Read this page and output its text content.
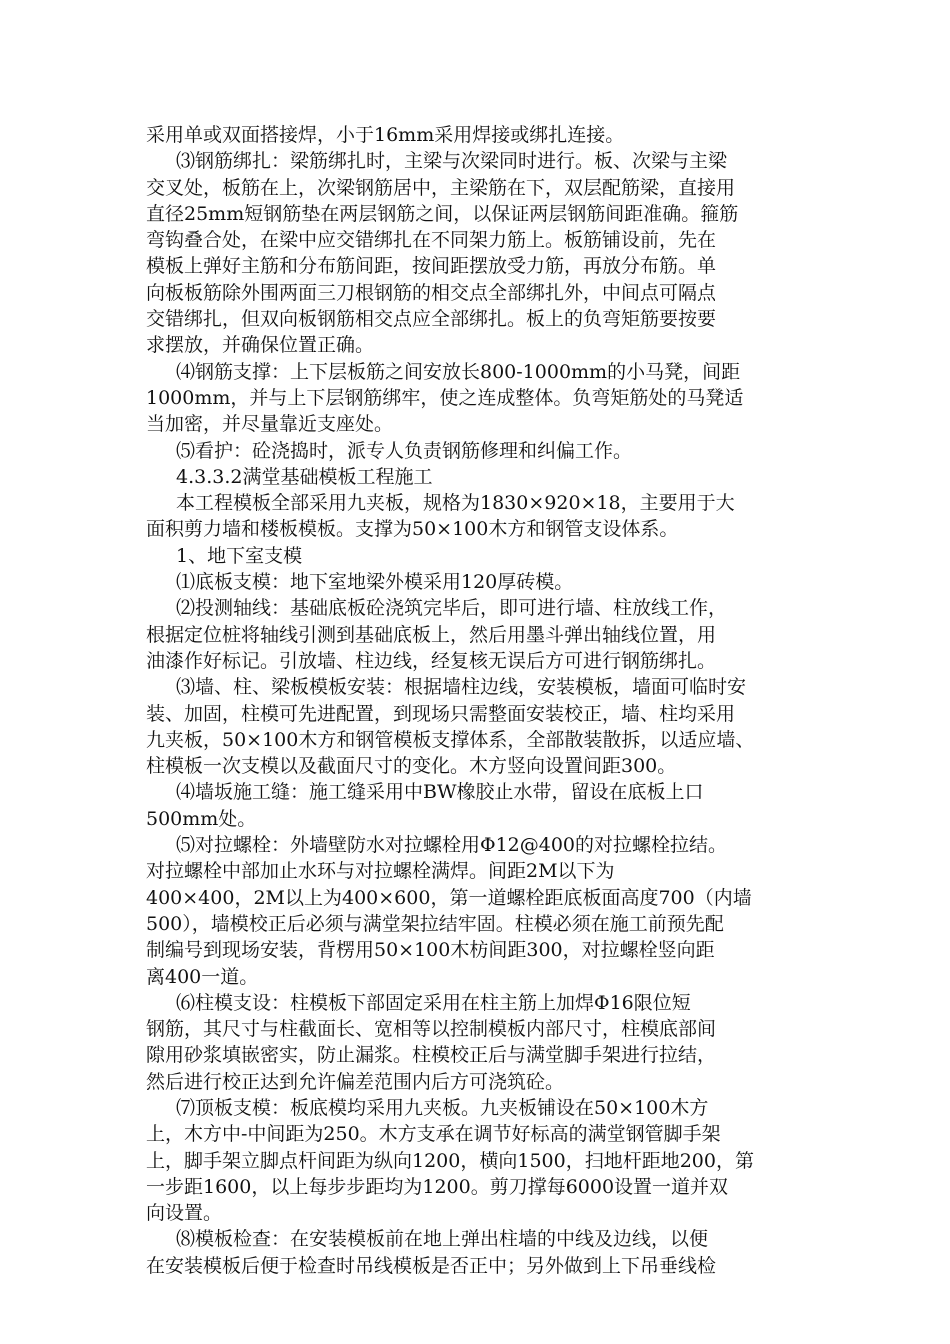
采用单或双面搭接焊，小于16mm采用焊接或绑扎连接。
⑶钢筋绑扎：梁筋绑扎时，主梁与次梁同时进行。板、次梁与主梁
交叉处，板筋在上，次梁钢筋居中，主梁筋在下，双层配筋梁，直接用
直径25mm短钢筋垫在两层钢筋之间，以保证两层钢筋间距准确。箍筋
弯钩叠合处，在梁中应交错绑扎在不同架力筋上。板筋铺设前，先在
模板上弹好主筋和分布筋间距，按间距摆放受力筋，再放分布筋。单
向板板筋除外围两面三刀根钢筋的相交点全部绑扎外，中间点可隔点
交错绑扎，但双向板钢筋相交点应全部绑扎。板上的负弯矩筋要按要
求摆放，并确保位置正确。
⑷钢筋支撑：上下层板筋之间安放长800-1000mm的小马凳，间距
1000mm，并与上下层钢筋绑牢，使之连成整体。负弯矩筋处的马凳适
当加密，并尽量靠近支座处。
⑸看护：砼浇捣时，派专人负责钢筋修理和纠偏工作。
4.3.3.2满堂基础模板工程施工
本工程模板全部采用九夹板，规格为1830×920×18，主要用于大
面积剪力墙和楼板模板。支撑为50×100木方和钢管支设体系。
1、地下室支模
⑴底板支模：地下室地梁外模采用120厚砖模。
⑵投测轴线：基础底板砼浇筑完毕后，即可进行墙、柱放线工作，
根据定位桩将轴线引测到基础底板上，然后用墨斗弹出轴线位置，用
油漆作好标记。引放墙、柱边线，经复核无误后方可进行钢筋绑扎。
⑶墙、柱、梁板模板安装：根据墙柱边线，安装模板，墙面可临时安
装、加固，柱模可先进配置，到现场只需整面安装校正，墙、柱均采用
九夹板，50×100木方和钢管模板支撑体系，全部散装散拆，以适应墙、
柱模板一次支模以及截面尺寸的变化。木方竖向设置间距300。
⑷墙坂施工缝：施工缝采用中BW橡胶止水带，留设在底板上口
500mm处。
⑸对拉螺栓：外墙壁防水对拉螺栓用Φ12@400的对拉螺栓拉结。
对拉螺栓中部加止水环与对拉螺栓满焊。间距2M以下为
400×400，2M以上为400×600，第一道螺栓距底板面高度700（内墙
500），墙模校正后必须与满堂架拉结牢固。柱模必须在施工前预先配
制编号到现场安装，背楞用50×100木枋间距300，对拉螺栓竖向距
离400一道。
⑹柱模支设：柱模板下部固定采用在柱主筋上加焊Φ16限位短
钢筋，其尺寸与柱截面长、宽相等以控制模板内部尺寸，柱模底部间
隙用砂浆填嵌密实，防止漏浆。柱模校正后与满堂脚手架进行拉结，
然后进行校正达到允许偏差范围内后方可浇筑砼。
⑺顶板支模：板底模均采用九夹板。九夹板铺设在50×100木方
上，木方中-中间距为250。木方支承在调节好标高的满堂钢管脚手架
上，脚手架立脚点杆间距为纵向1200，横向1500，扫地杆距地200，第
一步距1600，以上每步步距均为1200。剪刀撑每6000设置一道并双
向设置。
⑻模板检查：在安装模板前在地上弹出柱墙的中线及边线，以便
在安装模板后便于检查时吊线模板是否正中；另外做到上下吊垂线检
